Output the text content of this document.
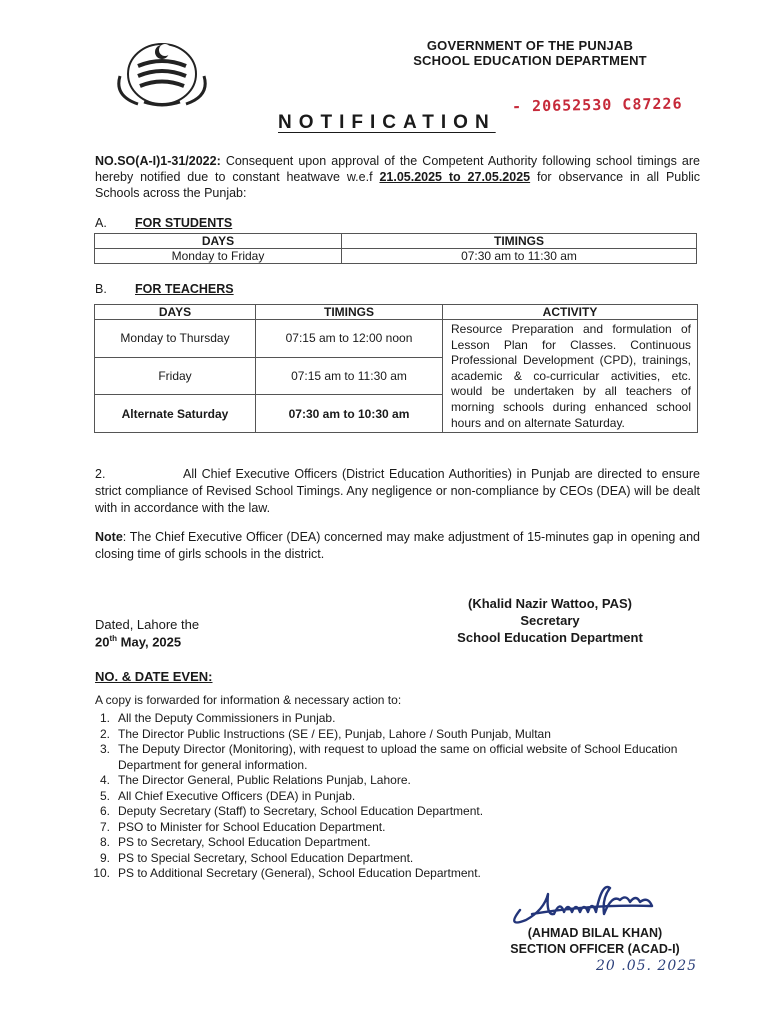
GOVERNMENT OF THE PUNJAB
SCHOOL EDUCATION DEPARTMENT
- 20652530 C87226
NOTIFICATION
NO.SO(A-I)1-31/2022: Consequent upon approval of the Competent Authority following school timings are hereby notified due to constant heatwave w.e.f 21.05.2025 to 27.05.2025 for observance in all Public Schools across the Punjab:
A. FOR STUDENTS
DAYS	TIMINGS
Monday to Friday	07:30 am to 11:30 am
B. FOR TEACHERS
DAYS	TIMINGS	ACTIVITY
Monday to Thursday	07:15 am to 12:00 noon	Resource Preparation and formulation of Lesson Plan for Classes. Continuous Professional Development (CPD), trainings, academic & co-curricular activities, etc. would be undertaken by all teachers of morning schools during enhanced school hours and on alternate Saturday.
Friday	07:15 am to 11:30 am	
Alternate Saturday	07:30 am to 10:30 am	
2.	All Chief Executive Officers (District Education Authorities) in Punjab are directed to ensure strict compliance of Revised School Timings. Any negligence or non-compliance by CEOs (DEA) will be dealt with in accordance with the law.
Note: The Chief Executive Officer (DEA) concerned may make adjustment of 15-minutes gap in opening and closing time of girls schools in the district.
(Khalid Nazir Wattoo, PAS)
Secretary
School Education Department
Dated, Lahore the
20th May, 2025
NO. & DATE EVEN:
A copy is forwarded for information & necessary action to:
1. All the Deputy Commissioners in Punjab.
2. The Director Public Instructions (SE / EE), Punjab, Lahore / South Punjab, Multan
3. The Deputy Director (Monitoring), with request to upload the same on official website of School Education Department for general information.
4. The Director General, Public Relations Punjab, Lahore.
5. All Chief Executive Officers (DEA) in Punjab.
6. Deputy Secretary (Staff) to Secretary, School Education Department.
7. PSO to Minister for School Education Department.
8. PS to Secretary, School Education Department.
9. PS to Special Secretary, School Education Department.
10. PS to Additional Secretary (General), School Education Department.
(AHMAD BILAL KHAN)
SECTION OFFICER (ACAD-I)
20 .05. 2025
